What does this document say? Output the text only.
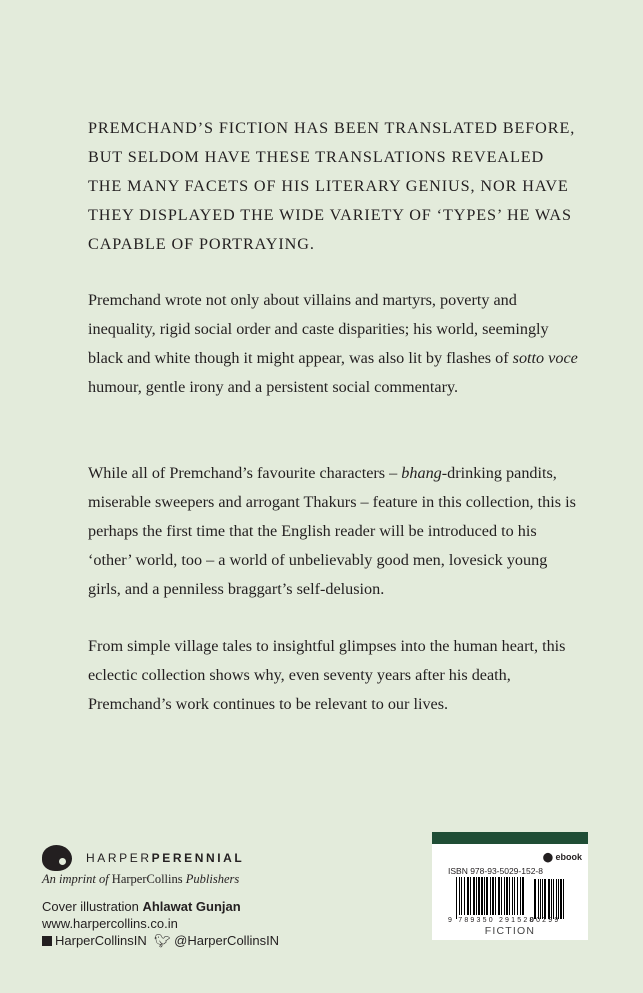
PREMCHAND’S FICTION HAS BEEN TRANSLATED BEFORE,
BUT SELDOM HAVE THESE TRANSLATIONS REVEALED
THE MANY FACETS OF HIS LITERARY GENIUS, NOR HAVE
THEY DISPLAYED THE WIDE VARIETY OF ‘TYPES’ HE WAS
CAPABLE OF PORTRAYING.

Premchand wrote not only about villains and martyrs, poverty and inequality, rigid social order and caste disparities; his world, seemingly black and white though it might appear, was also lit by flashes of sotto voce humour, gentle irony and a persistent social commentary.

While all of Premchand’s favourite characters – bhang-drinking pandits, miserable sweepers and arrogant Thakurs – feature in this collection, this is perhaps the first time that the English reader will be introduced to his ‘other’ world, too – a world of unbelievably good men, lovesick young girls, and a penniless braggart’s self-delusion.

From simple village tales to insightful glimpses into the human heart, this eclectic collection shows why, even seventy years after his death, Premchand’s work continues to be relevant to our lives.

HARPERPERENNIAL
An imprint of HarperCollins Publishers
Cover illustration Ahlawat Gunjan
www.harpercollins.co.in
HarperCollinsIN 🐦︎ @HarperCollinsIN
⬤ ebook
ISBN 978-93-5029-152-8
9 789350 291528
00299
FICTION
